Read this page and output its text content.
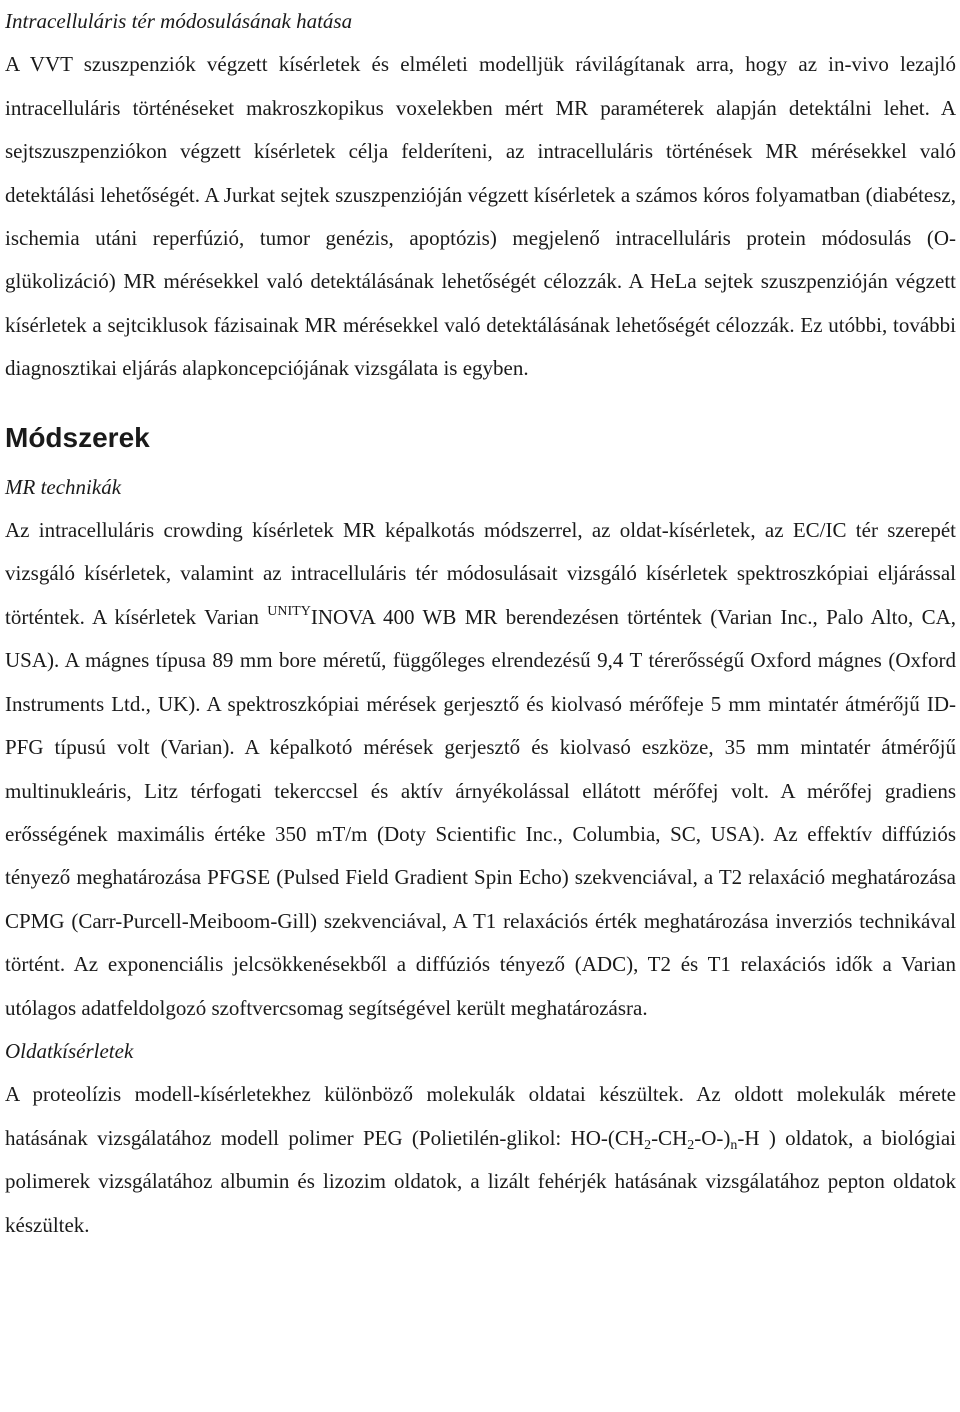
Intracelluláris tér módosulásának hatása

A VVT szuszpenziók végzett kísérletek és elméleti modelljük rávilágítanak arra, hogy az in-vivo lezajló intracelluláris történéseket makroszkopikus voxelekben mért MR paraméterek alapján detektálni lehet. A sejtszuszpenziókon végzett kísérletek célja felderíteni, az intracelluláris történések MR mérésekkel való detektálási lehetőségét. A Jurkat sejtek szuszpenzióján végzett kísérletek a számos kóros folyamatban (diabétesz, ischemia utáni reperfúzió, tumor genézis, apoptózis) megjelenő intracelluláris protein módosulás (O-glükolizáció) MR mérésekkel való detektálásának lehetőségét célozzák. A HeLa sejtek szuszpenzióján végzett kísérletek a sejtciklusok fázisainak MR mérésekkel való detektálásának lehetőségét célozzák. Ez utóbbi, további diagnosztikai eljárás alapkoncepciójának vizsgálata is egyben.

Módszerek
MR technikák

Az intracelluláris crowding kísérletek MR képalkotás módszerrel, az oldat-kísérletek, az EC/IC tér szerepét vizsgáló kísérletek, valamint az intracelluláris tér módosulásait vizsgáló kísérletek spektroszkópiai eljárással történtek. A kísérletek Varian $^{UNITY}$INOVA 400 WB MR berendezésen történtek (Varian Inc., Palo Alto, CA, USA). A mágnes típusa 89 mm bore méretű, függőleges elrendezésű 9,4 T térerősségű Oxford mágnes (Oxford Instruments Ltd., UK). A spektroszkópiai mérések gerjesztő és kiolvasó mérőfeje 5 mm mintatér átmérőjű ID-PFG típusú volt (Varian). A képalkotó mérések gerjesztő és kiolvasó eszköze, 35 mm mintatér átmérőjű multinukleáris, Litz térfogati tekerccsel és aktív árnyékolással ellátott mérőfej volt. A mérőfej gradiens erősségének maximális értéke 350 mT/m (Doty Scientific Inc., Columbia, SC, USA). Az effektív diffúziós tényező meghatározása PFGSE (Pulsed Field Gradient Spin Echo) szekvenciával, a T2 relaxáció meghatározása CPMG (Carr-Purcell-Meiboom-Gill) szekvenciával, A T1 relaxációs érték meghatározása inverziós technikával történt. Az exponenciális jelcsökkenésekből a diffúziós tényező (ADC), T2 és T1 relaxációs idők a Varian utólagos adatfeldolgozó szoftvercsomag segítségével került meghatározásra.

Oldatkísérletek

A proteolízis modell-kísérletekhez különböző molekulák oldatai készültek. Az oldott molekulák mérete hatásának vizsgálatához modell polimer PEG (Polietilén-glikol: $HO-(CH_2-CH_2-O-)_n-H$ ) oldatok, a biológiai polimerek vizsgálatához albumin és lizozim oldatok, a lizált fehérjék hatásának vizsgálatához pepton oldatok készültek.
